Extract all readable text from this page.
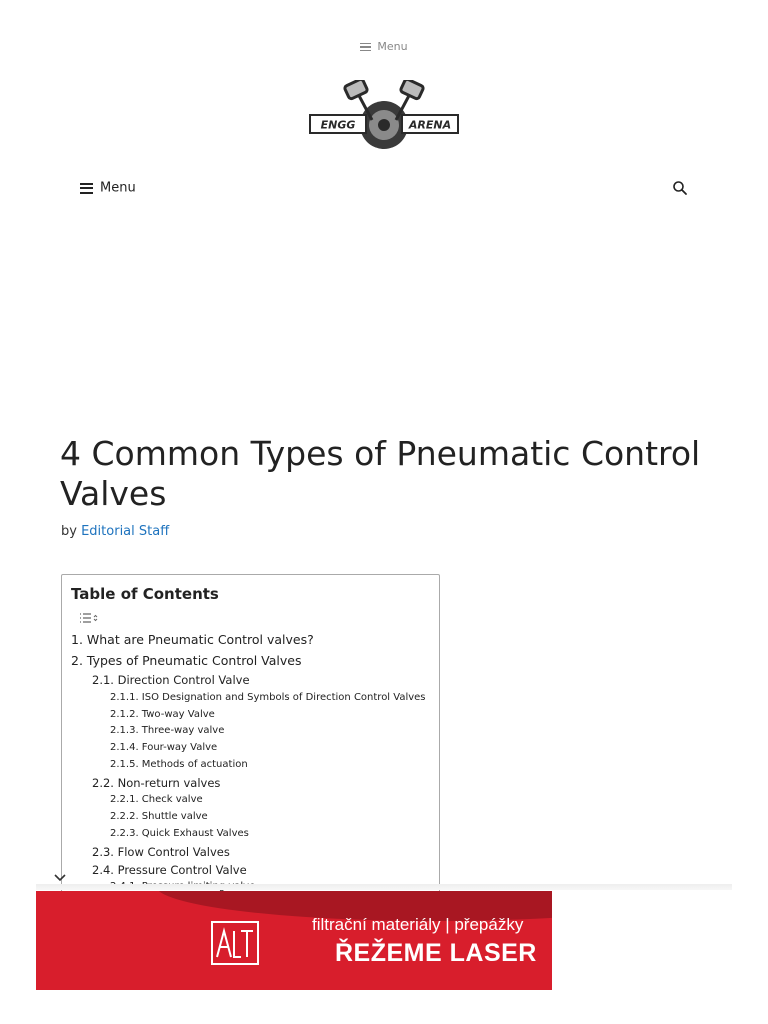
Menu
ENGG	ARENA
Menu
4 Common Types of Pneumatic Control Valves
by Editorial Staff
Table of Contents
1. What are Pneumatic Control valves?
2. Types of Pneumatic Control Valves
2.1. Direction Control Valve
2.1.1. ISO Designation and Symbols of Direction Control Valves
2.1.2. Two-way Valve
2.1.3. Three-way valve
2.1.4. Four-way Valve
2.1.5. Methods of actuation
2.2. Non-return valves
2.2.1. Check valve
2.2.2. Shuttle valve
2.2.3. Quick Exhaust Valves
2.3. Flow Control Valves
2.4. Pressure Control Valve
filtrační materiály | přepážky
ŘEŽEME LASER
